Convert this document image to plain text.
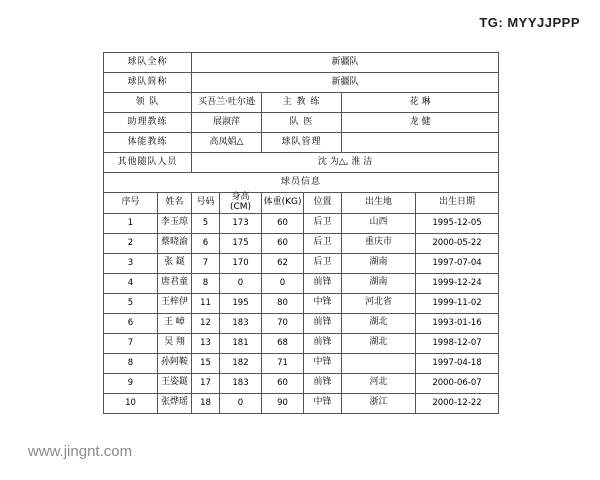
TG: MYYJJPPP
球队全称		新疆队					
球队简称		新疆队					
领 队		买吾兰·吐尔逊		主 教 练		花 琳	
助理教练		展淑萍		队 医		龙 健	
体能教练		高凤娟△		球队管理			
其他随队人员		沈 为△, 淮 洁					
球员信息							
序号	姓名	号码	身高(CM)	体重(KG)	位置	出生地	出生日期
1	李玉琼	5	173	60	后卫	山西	1995-12-05
2	蔡晓渝	6	175	60	后卫	重庆市	2000-05-22
3	张 鎹	7	170	62	后卫	湖南	1997-07-04
4	唐君童	8	0	0	前锋	湖南	1999-12-24
5	王梓伊	11	195	80	中锋	河北省	1999-11-02
6	王 嶂	12	183	70	前锋	湖北	1993-01-16
7	吴 翔	13	181	68	前锋	湖北	1998-12-07
8	孙阿鞍	15	182	71	中锋		1997-04-18
9	王姿鎹	17	183	60	前锋	河北	2000-06-07
10	张烨瑶	18	0	90	中锋	浙江	2000-12-22
www.jingnt.com
